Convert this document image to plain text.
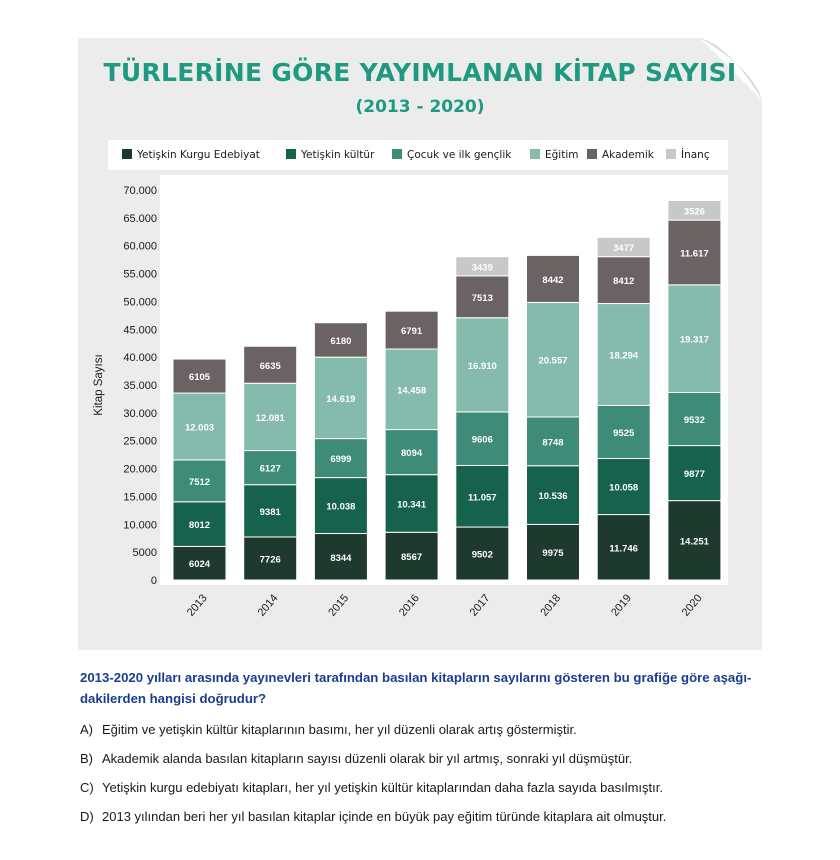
TÜRLERİNE GÖRE YAYIMLANAN KİTAP SAYISI
(2013 - 2020)
Yetişkin Kurgu Edebiyat	Yetişkin kültür	Çocuk ve ilk gençlik	Eğitim	Akademik	İnanç
0
5000
10.000
15.000
20.000
25.000
30.000
35.000
40.000
45.000
50.000
55.000
60.000
65.000
70.000
Kitap Sayısı
6024
8012
7512
12.003
6105
2013
7726
9381
6127
12.081
6635
2014
8344
10.038
6999
14.619
6180
2015
8567
10.341
8094
14.458
6791
2016
9502
11.057
9606
16.910
7513
3439
2017
9975
10.536
8748
20.557
8442
2018
11.746
10.058
9525
18.294
8412
3477
2019
14.251
9877
9532
19.317
11.617
3526
2020
2013-2020 yılları arasında yayınevleri tarafından basılan kitapların sayılarını gösteren bu grafiğe göre aşağı-dakilerden hangisi doğrudur?
A) Eğitim ve yetişkin kültür kitaplarının basımı, her yıl düzenli olarak artış göstermiştir.
B) Akademik alanda basılan kitapların sayısı düzenli olarak bir yıl artmış, sonraki yıl düşmüştür.
C) Yetişkin kurgu edebiyatı kitapları, her yıl yetişkin kültür kitaplarından daha fazla sayıda basılmıştır.
D) 2013 yılından beri her yıl basılan kitaplar içinde en büyük pay eğitim türünde kitaplara ait olmuştur.
